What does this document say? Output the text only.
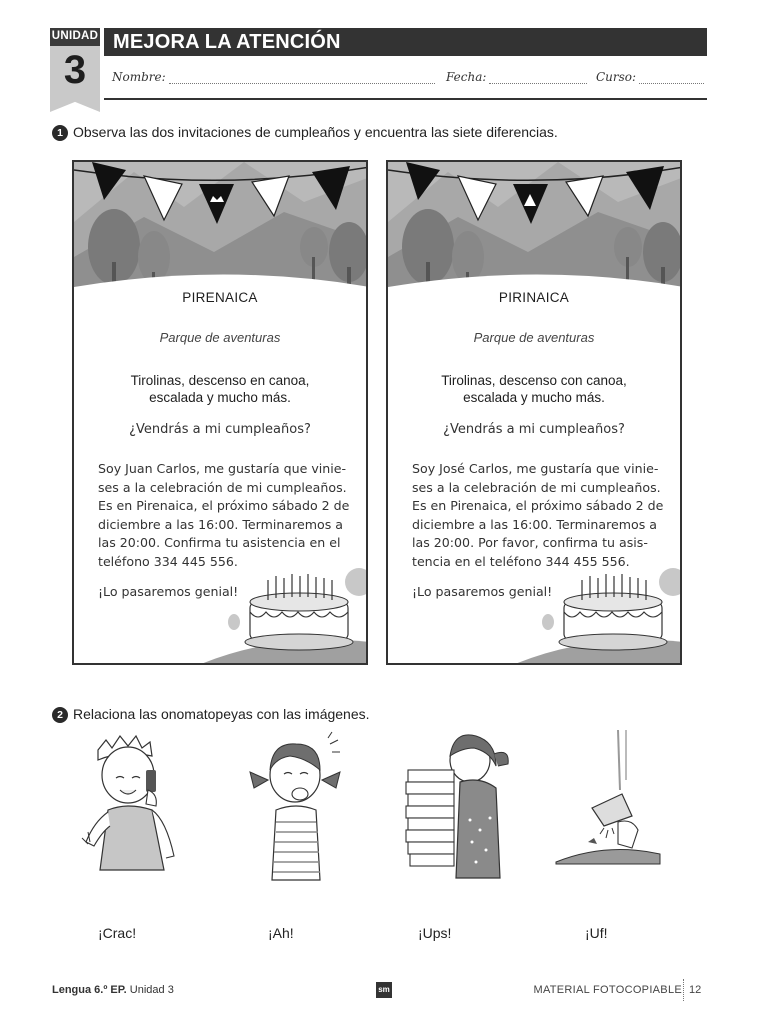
UNIDAD
3
MEJORA LA ATENCIÓN
Nombre:	Fecha:	Curso:
1 Observa las dos invitaciones de cumpleaños y encuentra las siete diferencias.
PIRENAICA
Parque de aventuras
Tirolinas, descenso en canoa, escalada y mucho más.
¿Vendrás a mi cumpleaños?
Soy Juan Carlos, me gustaría que vinie-
ses a la celebración de mi cumpleaños.
Es en Pirenaica, el próximo sábado 2 de
diciembre a las 16:00. Terminaremos a
las 20:00. Confirma tu asistencia en el
teléfono 334 445 556.
¡Lo pasaremos genial!
PIRINAICA
Parque de aventuras
Tirolinas, descenso con canoa, escalada y mucho más.
¿Vendrás a mi cumpleaños?
Soy José Carlos, me gustaría que vinie-
ses a la celebración de mi cumpleaños.
Es en Pirenaica, el próximo sábado 2 de
diciembre a las 16:00. Terminaremos a
las 20:00. Por favor, confirma tu asis-
tencia en el teléfono 344 455 556.
¡Lo pasaremos genial!
2 Relaciona las onomatopeyas con las imágenes.
¡Crac!	¡Ah!	¡Ups!	¡Uf!
Lengua 6.º EP. Unidad 3	sm	MATERIAL FOTOCOPIABLE 12
